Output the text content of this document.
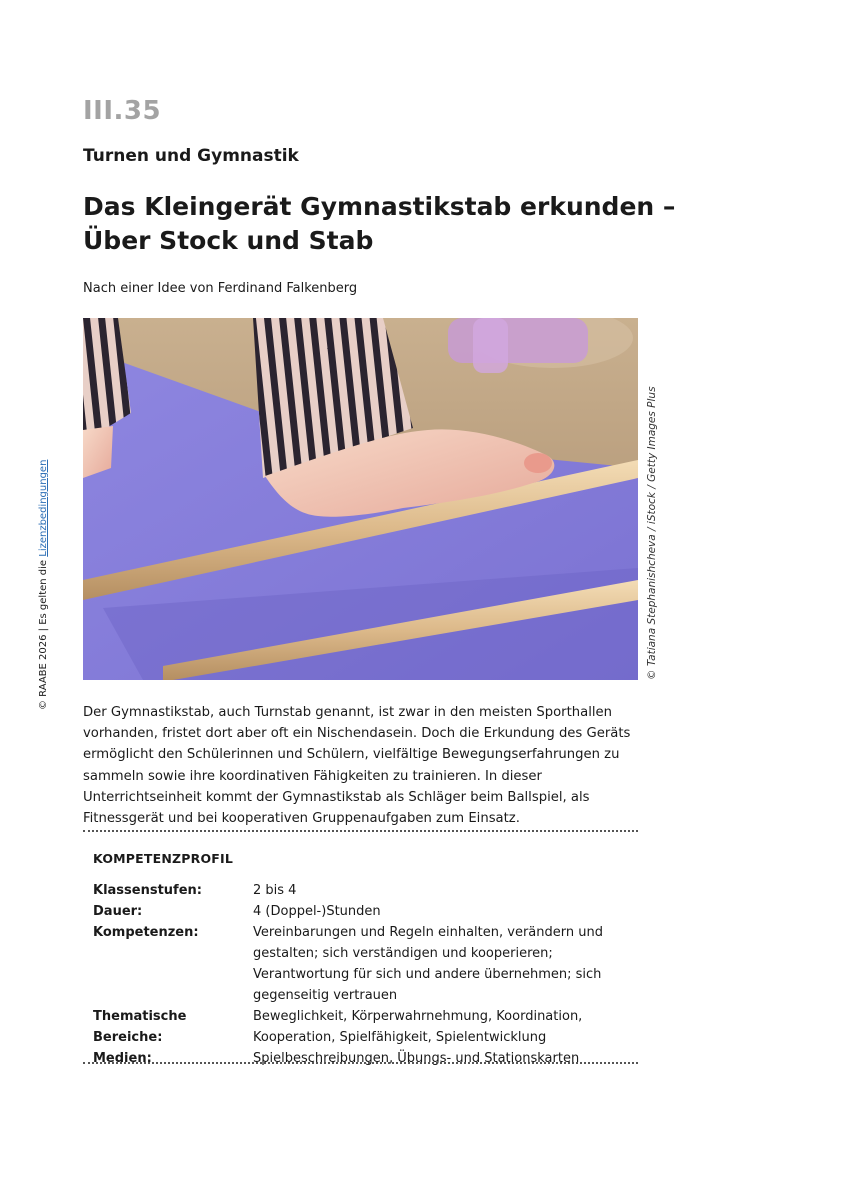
III.35
Turnen und Gymnastik
Das Kleingerät Gymnastikstab erkunden –
Über Stock und Stab
Nach einer Idee von Ferdinand Falkenberg
© Tatiana Stephanishcheva / iStock / Getty Images Plus
© RAABE 2026 | Es gelten die Lizenzbedingungen

Der Gymnastikstab, auch Turnstab genannt, ist zwar in den meisten Sporthallen vorhanden, fristet dort aber oft ein Nischendasein. Doch die Erkundung des Geräts ermöglicht den Schülerinnen und Schülern, vielfältige Bewegungserfahrungen zu sammeln sowie ihre koordinativen Fähigkeiten zu trainieren. In dieser Unterrichtseinheit kommt der Gymnastikstab als Schläger beim Ballspiel, als Fitnessgerät und bei kooperativen Gruppenaufgaben zum Einsatz.

KOMPETENZPROFIL
Klassenstufen:	2 bis 4
Dauer:	4 (Doppel-)Stunden
Kompetenzen:	Vereinbarungen und Regeln einhalten, verändern und gestalten; sich verständigen und kooperieren; Verantwortung für sich und andere übernehmen; sich gegenseitig vertrauen
Thematische Bereiche:	Beweglichkeit, Körperwahrnehmung, Koordination, Kooperation, Spielfähigkeit, Spielentwicklung
Medien:	Spielbeschreibungen, Übungs- und Stationskarten
